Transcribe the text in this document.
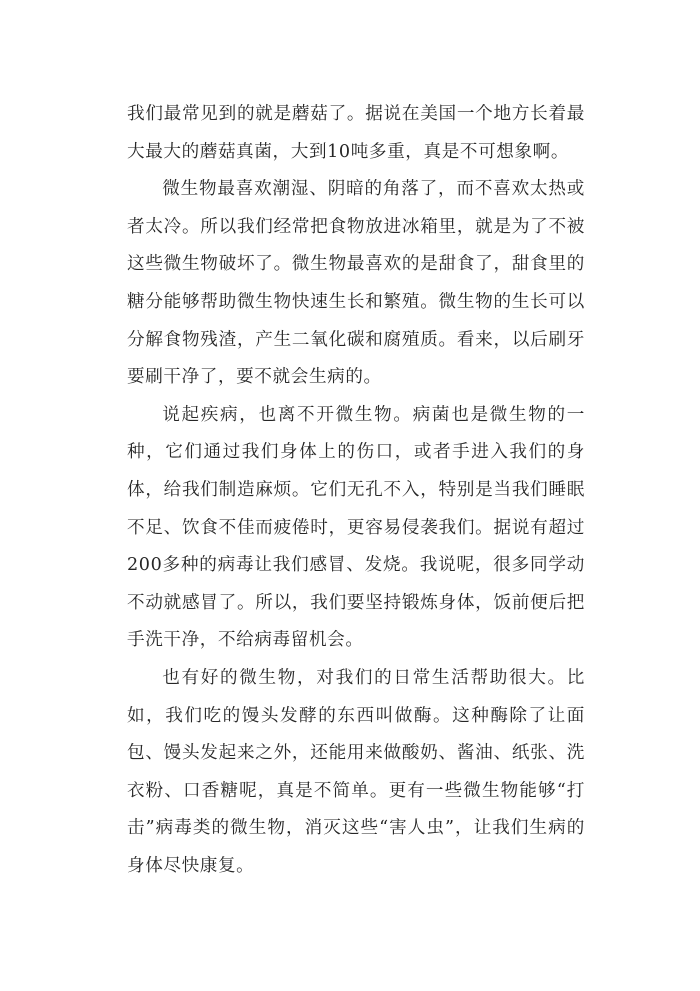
我们最常见到的就是蘑菇了。据说在美国一个地方长着最大最大的蘑菇真菌，大到10吨多重，真是不可想象啊。

微生物最喜欢潮湿、阴暗的角落了，而不喜欢太热或者太冷。所以我们经常把食物放进冰箱里，就是为了不被这些微生物破坏了。微生物最喜欢的是甜食了，甜食里的糖分能够帮助微生物快速生长和繁殖。微生物的生长可以分解食物残渣，产生二氧化碳和腐殖质。看来，以后刷牙要刷干净了，要不就会生病的。

说起疾病，也离不开微生物。病菌也是微生物的一种，它们通过我们身体上的伤口，或者手进入我们的身体，给我们制造麻烦。它们无孔不入，特别是当我们睡眠不足、饮食不佳而疲倦时，更容易侵袭我们。据说有超过200多种的病毒让我们感冒、发烧。我说呢，很多同学动不动就感冒了。所以，我们要坚持锻炼身体，饭前便后把手洗干净，不给病毒留机会。

也有好的微生物，对我们的日常生活帮助很大。比如，我们吃的馒头发酵的东西叫做酶。这种酶除了让面包、馒头发起来之外，还能用来做酸奶、酱油、纸张、洗衣粉、口香糖呢，真是不简单。更有一些微生物能够“打击”病毒类的微生物，消灭这些“害人虫”，让我们生病的身体尽快康复。
